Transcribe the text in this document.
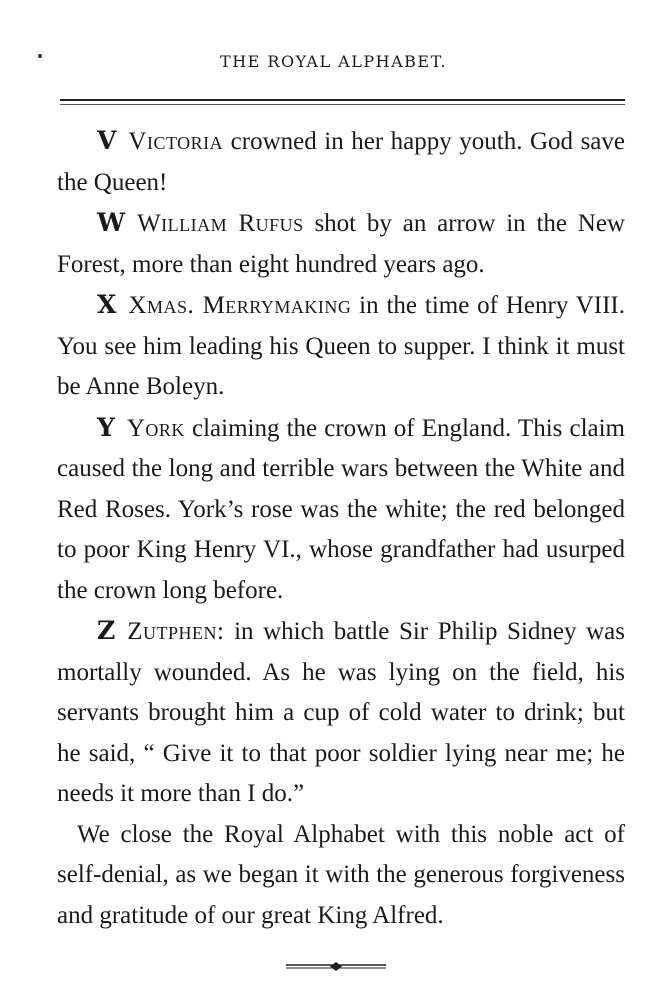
THE ROYAL ALPHABET.

V Victoria crowned in her happy youth. God save the Queen!

W William Rufus shot by an arrow in the New Forest, more than eight hundred years ago.

X Xmas. Merrymaking in the time of Henry VIII. You see him leading his Queen to supper. I think it must be Anne Boleyn.

Y York claiming the crown of England. This claim caused the long and terrible wars between the White and Red Roses. York’s rose was the white; the red belonged to poor King Henry VI., whose grandfather had usurped the crown long before.

Z Zutphen: in which battle Sir Philip Sidney was mortally wounded. As he was lying on the field, his servants brought him a cup of cold water to drink; but he said, “ Give it to that poor soldier lying near me; he needs it more than I do.”

We close the Royal Alphabet with this noble act of self-denial, as we began it with the generous forgiveness and gratitude of our great King Alfred.
